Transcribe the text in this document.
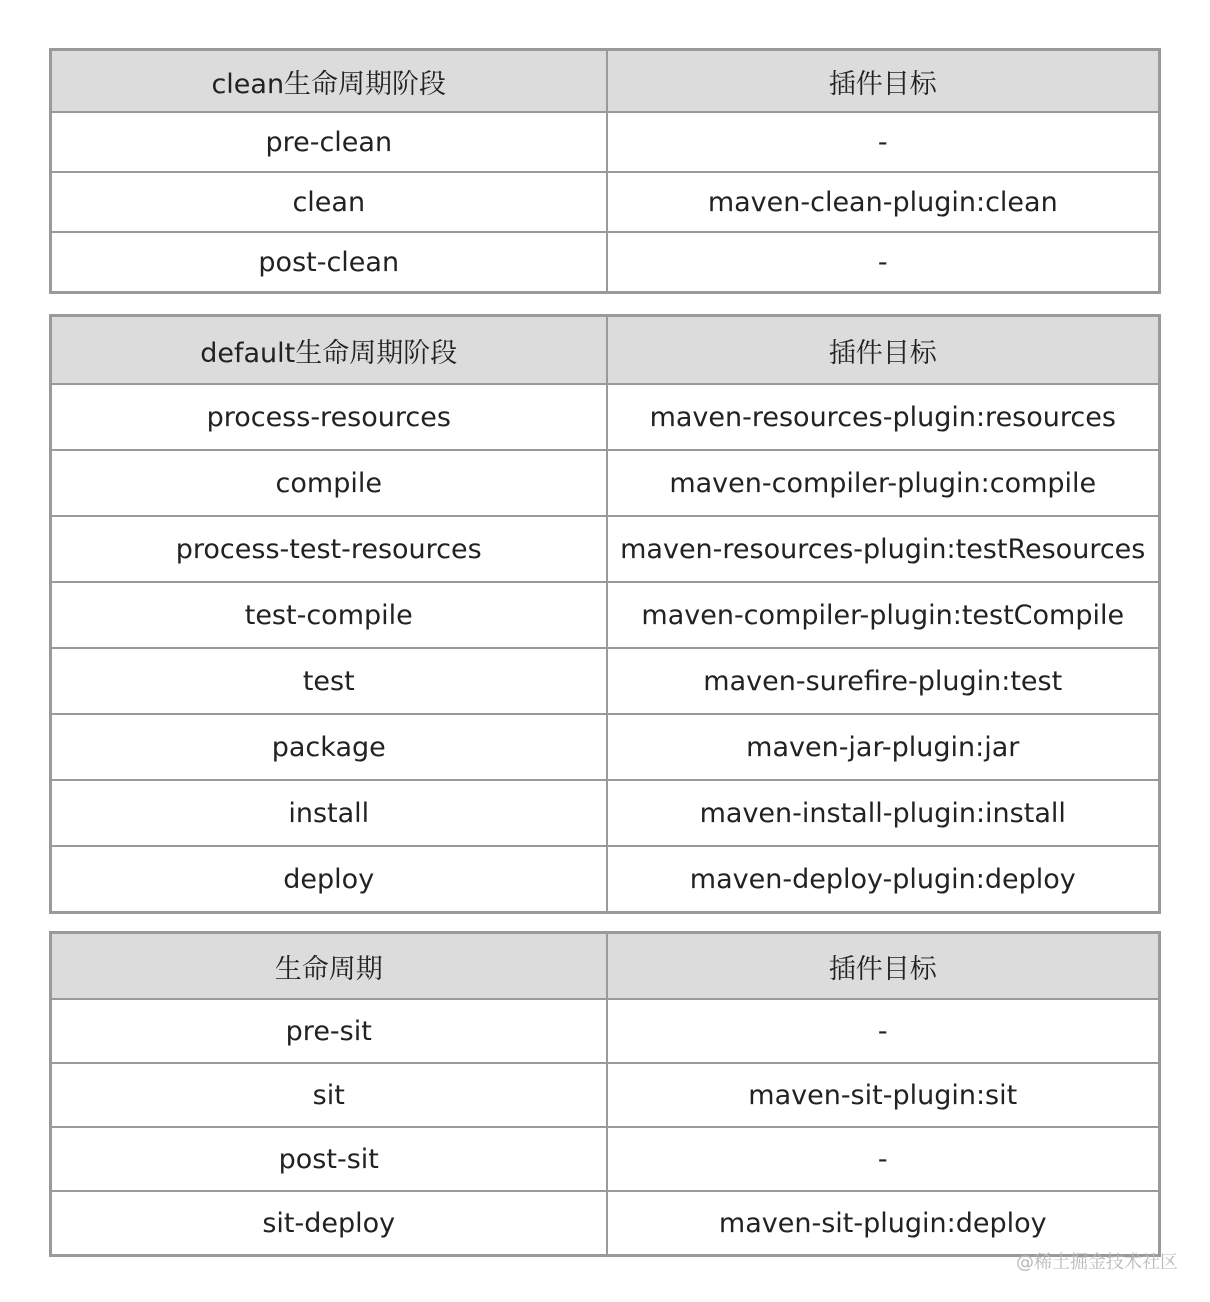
clean生命周期阶段	插件目标
pre-clean	-
clean	maven-clean-plugin:clean
post-clean	-
default生命周期阶段	插件目标
process-resources	maven-resources-plugin:resources
compile	maven-compiler-plugin:compile
process-test-resources	maven-resources-plugin:testResources
test-compile	maven-compiler-plugin:testCompile
test	maven-surefire-plugin:test
package	maven-jar-plugin:jar
install	maven-install-plugin:install
deploy	maven-deploy-plugin:deploy
生命周期	插件目标
pre-sit	-
sit	maven-sit-plugin:sit
post-sit	-
sit-deploy	maven-sit-plugin:deploy
@稀土掘金技术社区
